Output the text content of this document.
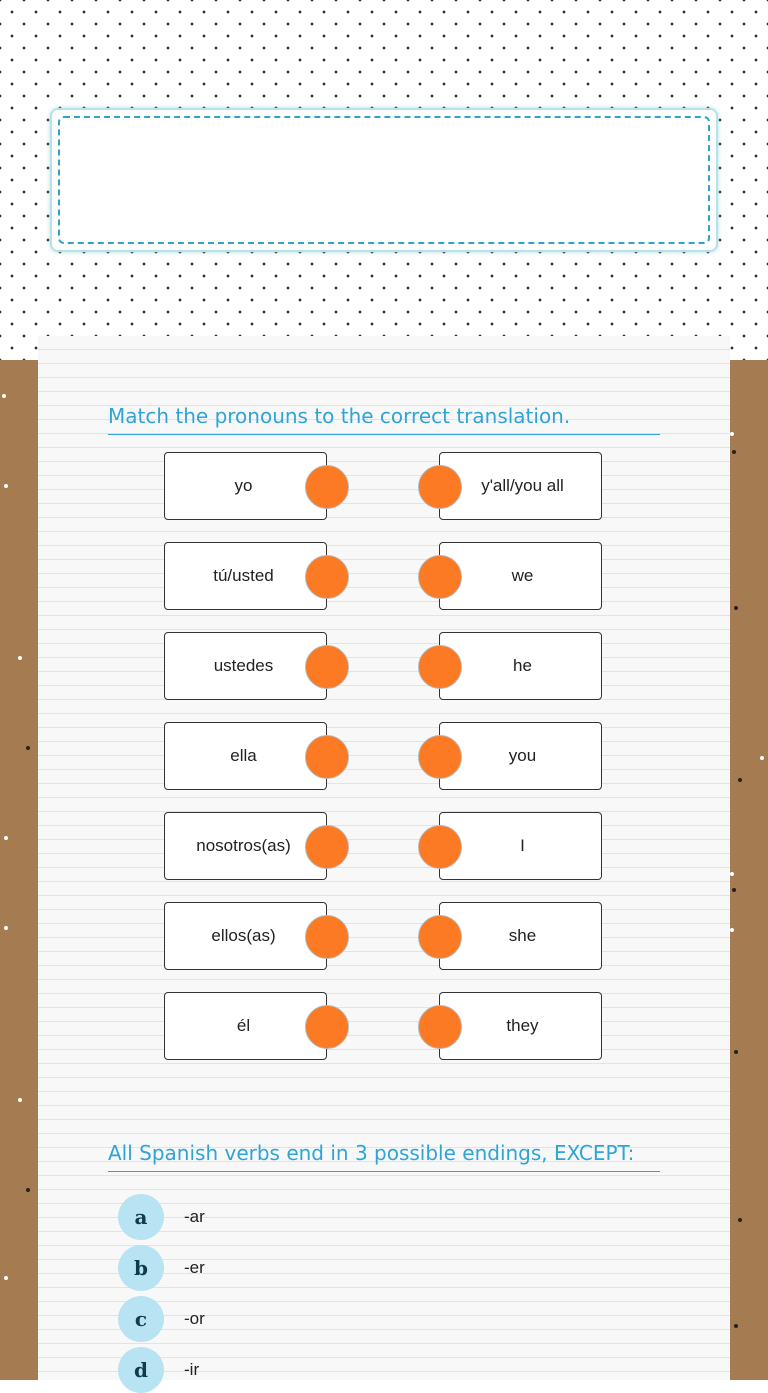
Match the pronouns to the correct translation.
yo	y'all/you all
tú/usted	we
ustedes	he
ella	you
nosotros(as)	I
ellos(as)	she
él	they
All Spanish verbs end in 3 possible endings, EXCEPT:
a	-ar
b	-er
c	-or
d	-ir
